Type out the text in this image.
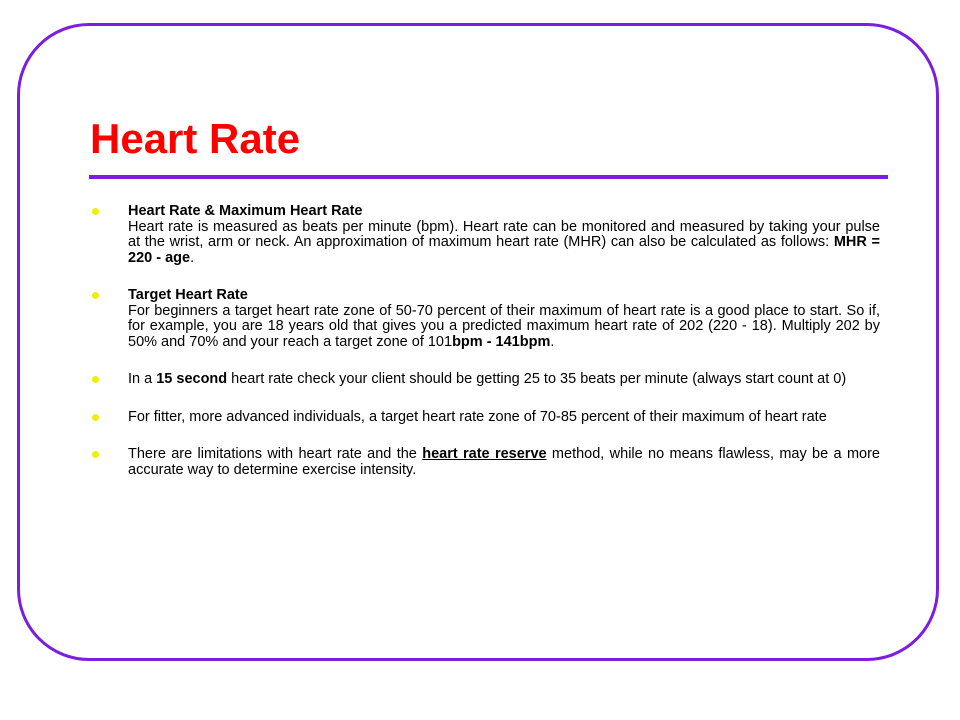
Heart Rate
Heart Rate & Maximum Heart Rate
Heart rate is measured as beats per minute (bpm). Heart rate can be monitored and measured by taking your pulse at the wrist, arm or neck. An approximation of maximum heart rate (MHR) can also be calculated as follows: MHR = 220 - age.
Target Heart Rate
For beginners a target heart rate zone of 50-70 percent of their maximum of heart rate is a good place to start. So if, for example, you are 18 years old that gives you a predicted maximum heart rate of 202 (220 - 18). Multiply 202 by 50% and 70% and your reach a target zone of 101bpm - 141bpm.
In a 15 second heart rate check your client should be getting 25 to 35 beats per minute (always start count at 0)
For fitter, more advanced individuals, a target heart rate zone of 70-85 percent of their maximum of heart rate
There are limitations with heart rate and the heart rate reserve method, while no means flawless, may be a more accurate way to determine exercise intensity.
